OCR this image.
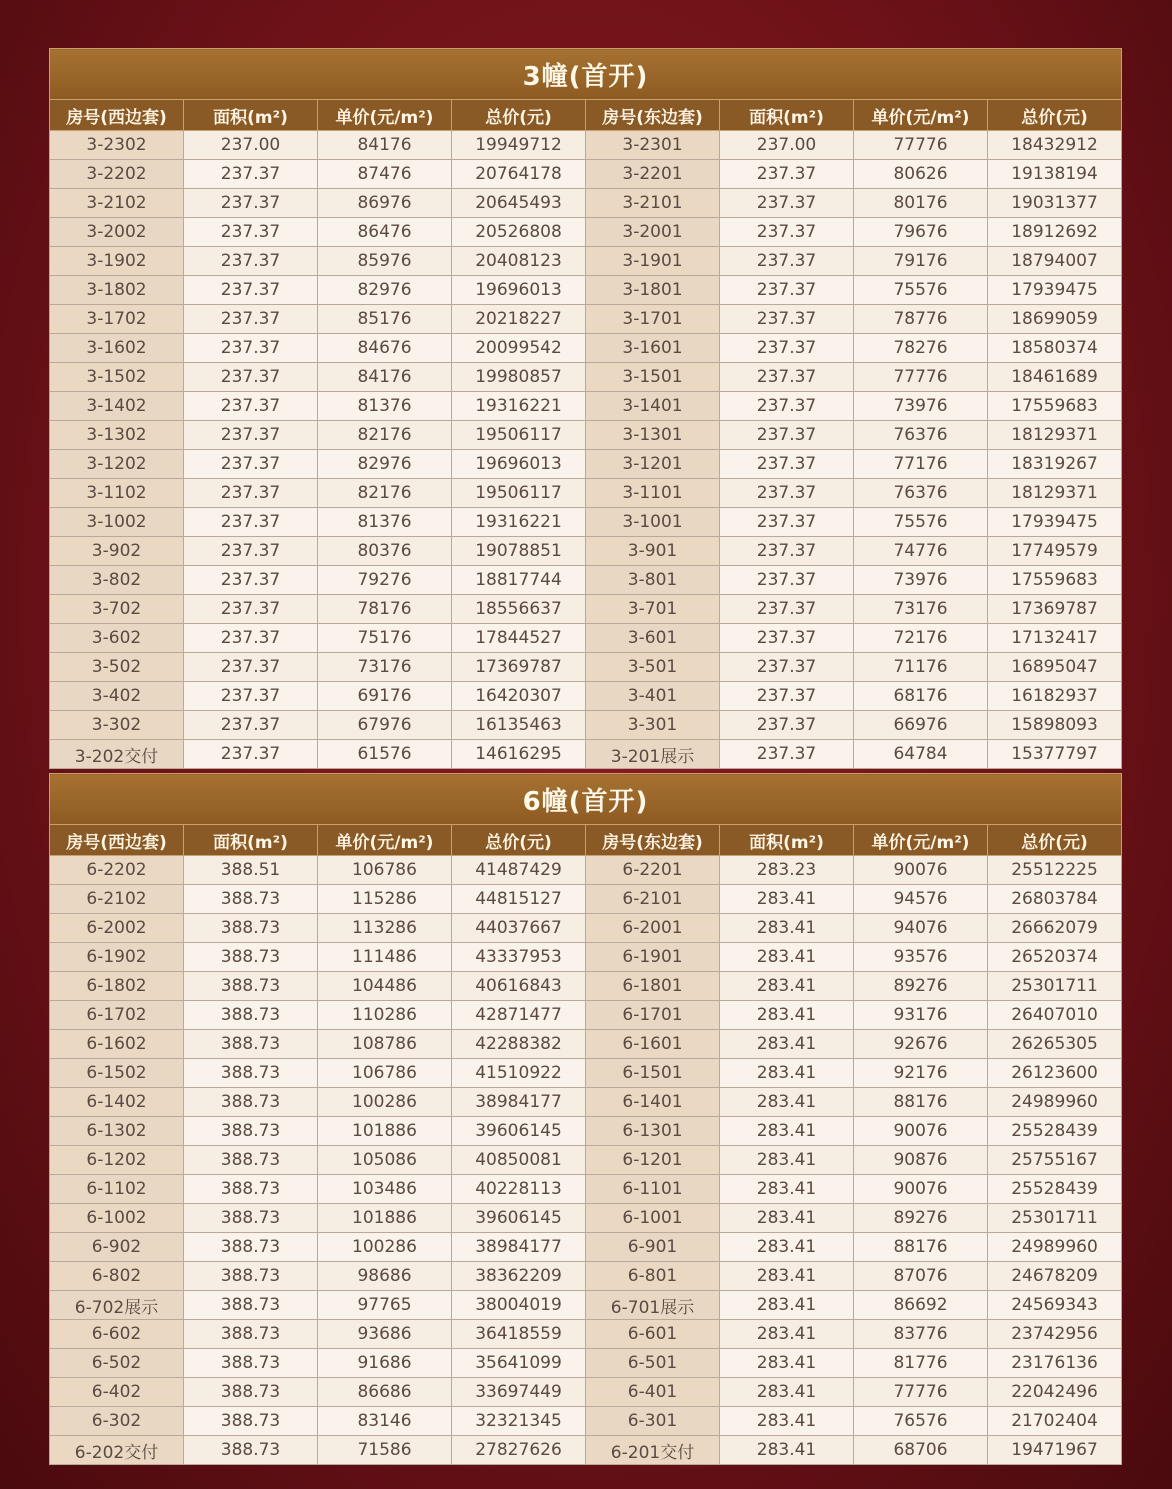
3幢(首开)							
房号(西边套)	面积(m²)	单价(元/m²)	总价(元)	房号(东边套)	面积(m²)	单价(元/m²)	总价(元)
3-2302	237.00	84176	19949712	3-2301	237.00	77776	18432912
3-2202	237.37	87476	20764178	3-2201	237.37	80626	19138194
3-2102	237.37	86976	20645493	3-2101	237.37	80176	19031377
3-2002	237.37	86476	20526808	3-2001	237.37	79676	18912692
3-1902	237.37	85976	20408123	3-1901	237.37	79176	18794007
3-1802	237.37	82976	19696013	3-1801	237.37	75576	17939475
3-1702	237.37	85176	20218227	3-1701	237.37	78776	18699059
3-1602	237.37	84676	20099542	3-1601	237.37	78276	18580374
3-1502	237.37	84176	19980857	3-1501	237.37	77776	18461689
3-1402	237.37	81376	19316221	3-1401	237.37	73976	17559683
3-1302	237.37	82176	19506117	3-1301	237.37	76376	18129371
3-1202	237.37	82976	19696013	3-1201	237.37	77176	18319267
3-1102	237.37	82176	19506117	3-1101	237.37	76376	18129371
3-1002	237.37	81376	19316221	3-1001	237.37	75576	17939475
3-902	237.37	80376	19078851	3-901	237.37	74776	17749579
3-802	237.37	79276	18817744	3-801	237.37	73976	17559683
3-702	237.37	78176	18556637	3-701	237.37	73176	17369787
3-602	237.37	75176	17844527	3-601	237.37	72176	17132417
3-502	237.37	73176	17369787	3-501	237.37	71176	16895047
3-402	237.37	69176	16420307	3-401	237.37	68176	16182937
3-302	237.37	67976	16135463	3-301	237.37	66976	15898093
3-202交付	237.37	61576	14616295	3-201展示	237.37	64784	15377797
6幢(首开)							
房号(西边套)	面积(m²)	单价(元/m²)	总价(元)	房号(东边套)	面积(m²)	单价(元/m²)	总价(元)
6-2202	388.51	106786	41487429	6-2201	283.23	90076	25512225
6-2102	388.73	115286	44815127	6-2101	283.41	94576	26803784
6-2002	388.73	113286	44037667	6-2001	283.41	94076	26662079
6-1902	388.73	111486	43337953	6-1901	283.41	93576	26520374
6-1802	388.73	104486	40616843	6-1801	283.41	89276	25301711
6-1702	388.73	110286	42871477	6-1701	283.41	93176	26407010
6-1602	388.73	108786	42288382	6-1601	283.41	92676	26265305
6-1502	388.73	106786	41510922	6-1501	283.41	92176	26123600
6-1402	388.73	100286	38984177	6-1401	283.41	88176	24989960
6-1302	388.73	101886	39606145	6-1301	283.41	90076	25528439
6-1202	388.73	105086	40850081	6-1201	283.41	90876	25755167
6-1102	388.73	103486	40228113	6-1101	283.41	90076	25528439
6-1002	388.73	101886	39606145	6-1001	283.41	89276	25301711
6-902	388.73	100286	38984177	6-901	283.41	88176	24989960
6-802	388.73	98686	38362209	6-801	283.41	87076	24678209
6-702展示	388.73	97765	38004019	6-701展示	283.41	86692	24569343
6-602	388.73	93686	36418559	6-601	283.41	83776	23742956
6-502	388.73	91686	35641099	6-501	283.41	81776	23176136
6-402	388.73	86686	33697449	6-401	283.41	77776	22042496
6-302	388.73	83146	32321345	6-301	283.41	76576	21702404
6-202交付	388.73	71586	27827626	6-201交付	283.41	68706	19471967
